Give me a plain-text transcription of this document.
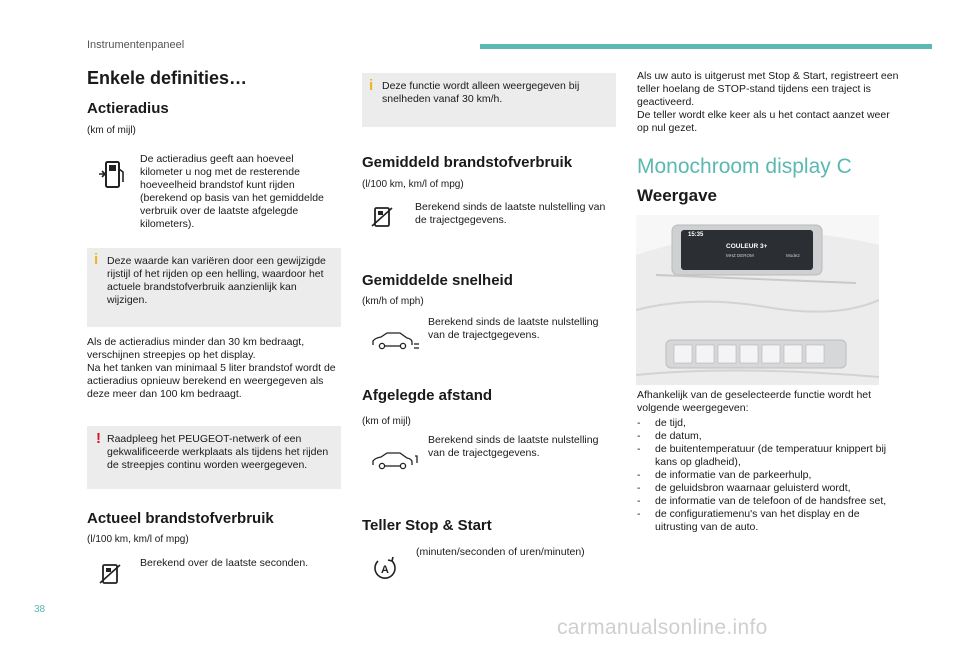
Instrumentenpaneel
Enkele definities…
Actieradius
(km of mijl)
De actieradius geeft aan hoeveel kilometer u nog met de resterende hoeveelheid brandstof kunt rijden (berekend op basis van het gemiddelde verbruik over de laatste afgelegde kilometers).
i Deze waarde kan variëren door een gewijzigde rijstijl of het rijden op een helling, waardoor het actuele brandstofverbruik aanzienlijk kan wijzigen.
Als de actieradius minder dan 30 km bedraagt, verschijnen streepjes op het display.
Na het tanken van minimaal 5 liter brandstof wordt de actieradius opnieuw berekend en weergegeven als deze meer dan 100 km bedraagt.
! Raadpleeg het PEUGEOT-netwerk of een gekwalificeerde werkplaats als tijdens het rijden de streepjes continu worden weergegeven.
Actueel brandstofverbruik
(l/100 km, km/l of mpg)
Berekend over de laatste seconden.
i Deze functie wordt alleen weergegeven bij snelheden vanaf 30 km/h.
Gemiddeld brandstofverbruik
(l/100 km, km/l of mpg)
Berekend sinds de laatste nulstelling van de trajectgegevens.
Gemiddelde snelheid
(km/h of mph)
Berekend sinds de laatste nulstelling van de trajectgegevens.
Afgelegde afstand
(km of mijl)
Berekend sinds de laatste nulstelling van de trajectgegevens.
Teller Stop & Start
A
(minuten/seconden of uren/minuten)
Als uw auto is uitgerust met Stop & Start, registreert een teller hoelang de STOP-stand tijdens een traject is geactiveerd.
De teller wordt elke keer als u het contact aanzet weer op nul gezet.
Monochroom display C
Weergave
15:35
COULEUR 3+
MHZ DEROM	Mode2
Afhankelijk van de geselecteerde functie wordt het volgende weergegeven:
- de tijd,
- de datum,
- de buitentemperatuur (de temperatuur knippert bij kans op gladheid),
- de informatie van de parkeerhulp,
- de geluidsbron waarnaar geluisterd wordt,
- de informatie van de telefoon of de handsfree set,
- de configuratiemenu's van het display en de uitrusting van de auto.
38
carmanualsonline.info
